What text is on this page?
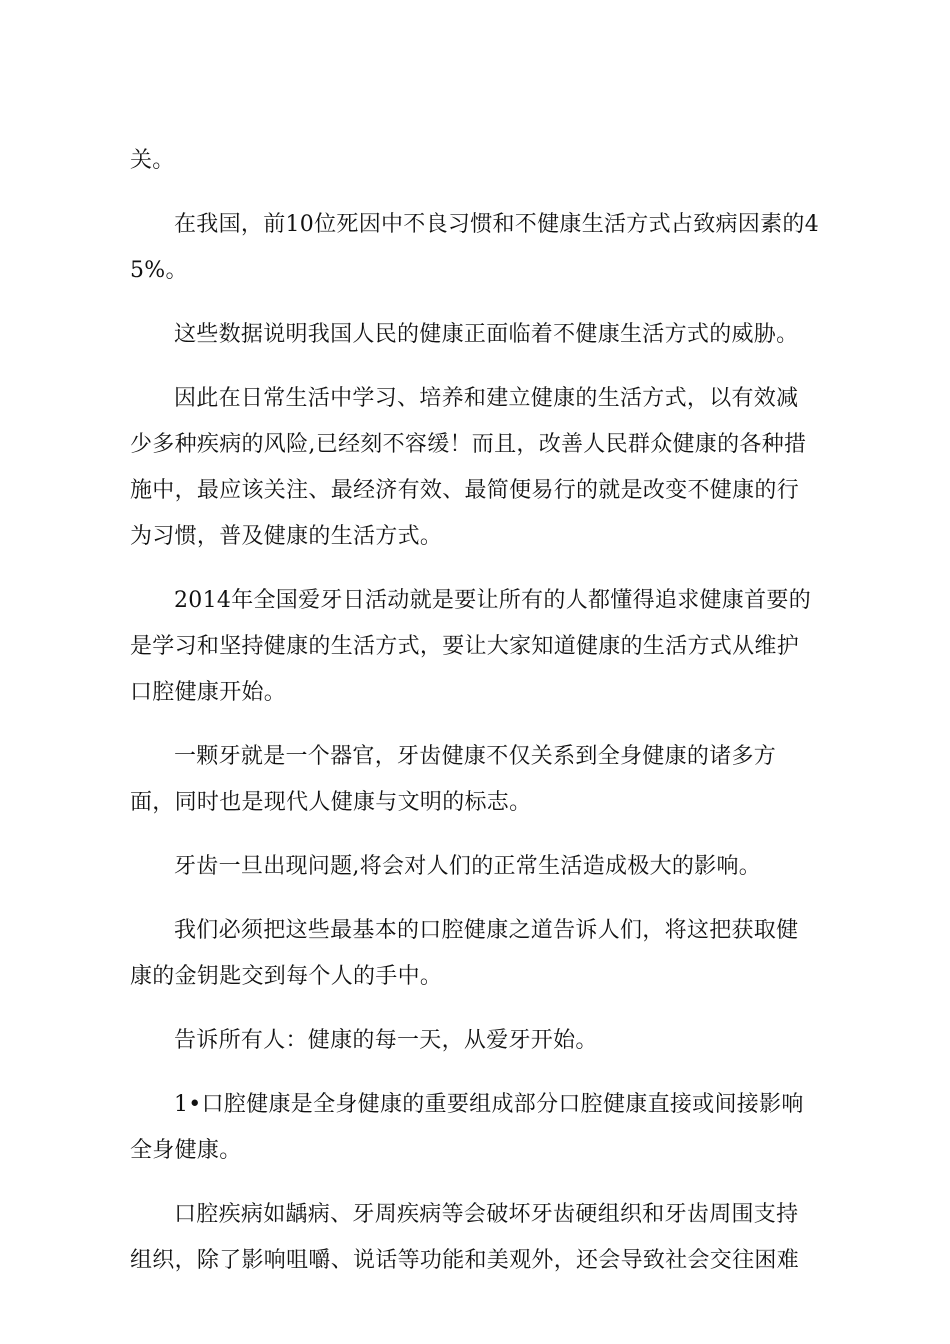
关。

在我国，前10位死因中不良习惯和不健康生活方式占致病因素的45%。

这些数据说明我国人民的健康正面临着不健康生活方式的威胁。

因此在日常生活中学习、培养和建立健康的生活方式，以有效减少多种疾病的风险,已经刻不容缓！而且，改善人民群众健康的各种措施中，最应该关注、最经济有效、最简便易行的就是改变不健康的行为习惯，普及健康的生活方式。

2014年全国爱牙日活动就是要让所有的人都懂得追求健康首要的是学习和坚持健康的生活方式，要让大家知道健康的生活方式从维护口腔健康开始。

一颗牙就是一个器官，牙齿健康不仅关系到全身健康的诸多方面，同时也是现代人健康与文明的标志。

牙齿一旦出现问题,将会对人们的正常生活造成极大的影响。

我们必须把这些最基本的口腔健康之道告诉人们，将这把获取健康的金钥匙交到每个人的手中。

告诉所有人：健康的每一天，从爱牙开始。

1•口腔健康是全身健康的重要组成部分口腔健康直接或间接影响全身健康。

口腔疾病如龋病、牙周疾病等会破坏牙齿硬组织和牙齿周围支持组织，除了影响咀嚼、说话等功能和美观外，还会导致社会交往困难
